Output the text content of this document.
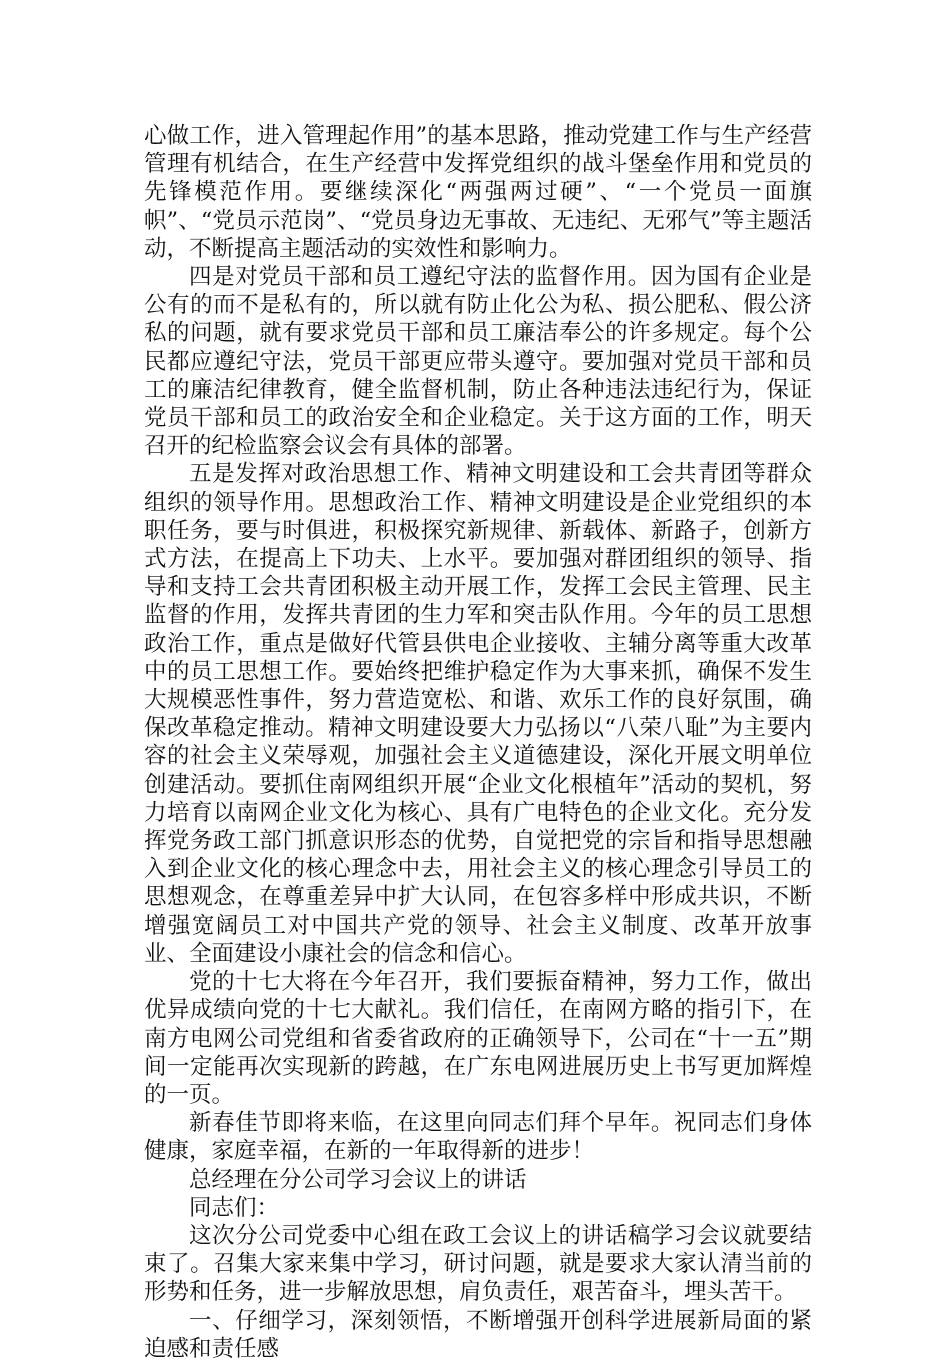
心做工作，进入管理起作用”的基本思路，推动党建工作与生产经营管理有机结合，在生产经营中发挥党组织的战斗堡垒作用和党员的先锋模范作用。要继续深化“两强两过硬”、“一个党员一面旗帜”、“党员示范岗”、“党员身边无事故、无违纪、无邪气”等主题活动，不断提高主题活动的实效性和影响力。

四是对党员干部和员工遵纪守法的监督作用。因为国有企业是公有的而不是私有的，所以就有防止化公为私、损公肥私、假公济私的问题，就有要求党员干部和员工廉洁奉公的许多规定。每个公民都应遵纪守法，党员干部更应带头遵守。要加强对党员干部和员工的廉洁纪律教育，健全监督机制，防止各种违法违纪行为，保证党员干部和员工的政治安全和企业稳定。关于这方面的工作，明天召开的纪检监察会议会有具体的部署。

五是发挥对政治思想工作、精神文明建设和工会共青团等群众组织的领导作用。思想政治工作、精神文明建设是企业党组织的本职任务，要与时俱进，积极探究新规律、新载体、新路子，创新方式方法，在提高上下功夫、上水平。要加强对群团组织的领导、指导和支持工会共青团积极主动开展工作，发挥工会民主管理、民主监督的作用，发挥共青团的生力军和突击队作用。今年的员工思想政治工作，重点是做好代管县供电企业接收、主辅分离等重大改革中的员工思想工作。要始终把维护稳定作为大事来抓，确保不发生大规模恶性事件，努力营造宽松、和谐、欢乐工作的良好氛围，确保改革稳定推动。精神文明建设要大力弘扬以“八荣八耻”为主要内容的社会主义荣辱观，加强社会主义道德建设，深化开展文明单位创建活动。要抓住南网组织开展“企业文化根植年”活动的契机，努力培育以南网企业文化为核心、具有广电特色的企业文化。充分发挥党务政工部门抓意识形态的优势，自觉把党的宗旨和指导思想融入到企业文化的核心理念中去，用社会主义的核心理念引导员工的思想观念，在尊重差异中扩大认同，在包容多样中形成共识，不断增强宽阔员工对中国共产党的领导、社会主义制度、改革开放事业、全面建设小康社会的信念和信心。

党的十七大将在今年召开，我们要振奋精神，努力工作，做出优异成绩向党的十七大献礼。我们信任，在南网方略的指引下，在南方电网公司党组和省委省政府的正确领导下，公司在“十一五”期间一定能再次实现新的跨越，在广东电网进展历史上书写更加辉煌的一页。

新春佳节即将来临，在这里向同志们拜个早年。祝同志们身体健康，家庭幸福，在新的一年取得新的进步！

总经理在分公司学习会议上的讲话

同志们：

这次分公司党委中心组在政工会议上的讲话稿学习会议就要结束了。召集大家来集中学习，研讨问题，就是要求大家认清当前的形势和任务，进一步解放思想，肩负责任，艰苦奋斗，埋头苦干。

一、仔细学习，深刻领悟，不断增强开创科学进展新局面的紧迫感和责任感
